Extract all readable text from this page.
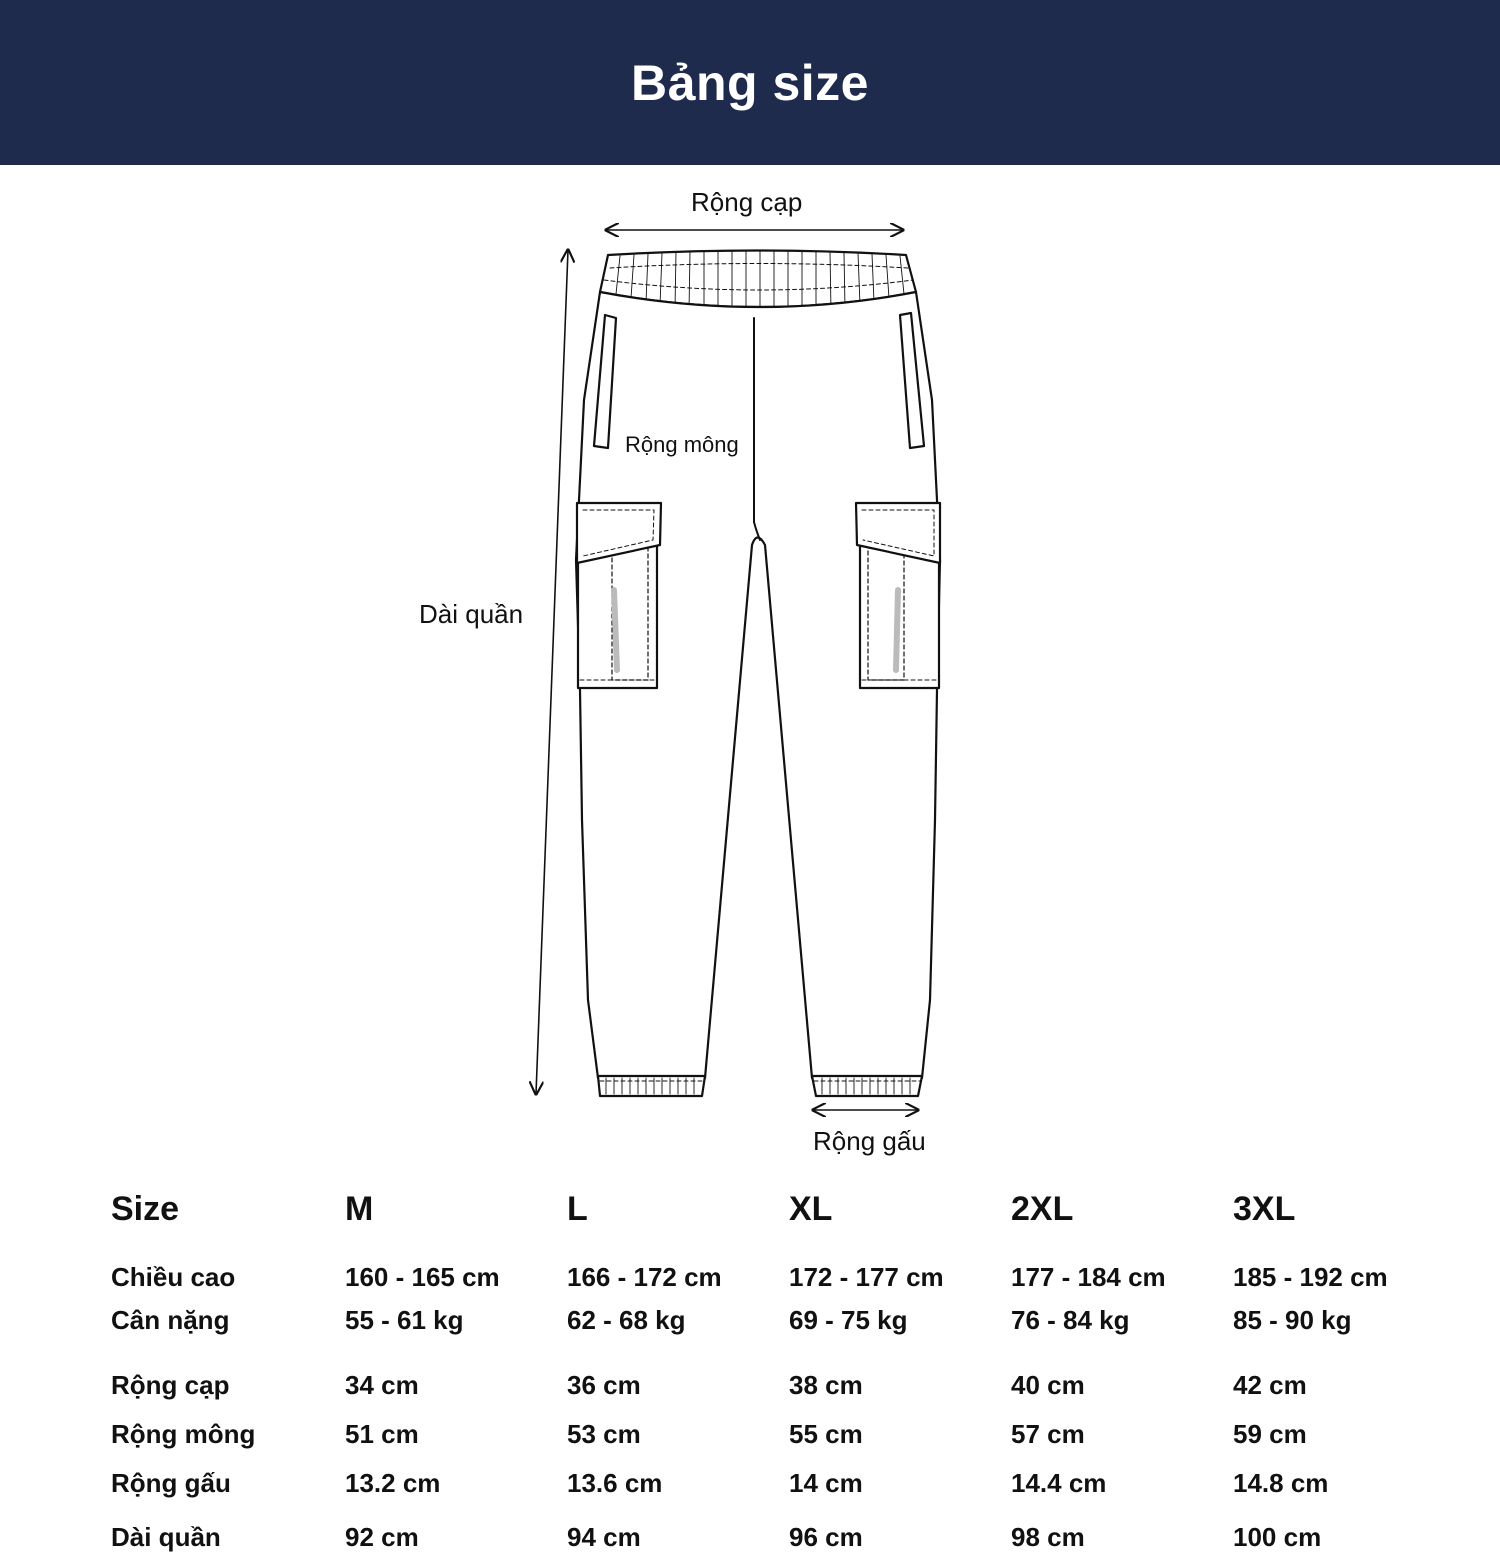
Bảng size
Rộng cạp
Rộng mông
Dài quần
Rộng gấu
Size	M	L	XL	2XL	3XL
Chiều cao	160 - 165 cm	166 - 172 cm	172 - 177 cm	177 - 184 cm	185 - 192 cm
Cân nặng	55 - 61 kg	62 - 68 kg	69 - 75 kg	76 - 84 kg	85 - 90 kg
Rộng cạp	34 cm	36 cm	38 cm	40 cm	42 cm
Rộng mông	51 cm	53 cm	55 cm	57 cm	59 cm
Rộng gấu	13.2 cm	13.6 cm	14 cm	14.4 cm	14.8 cm
Dài quần	92 cm	94 cm	96 cm	98 cm	100 cm
